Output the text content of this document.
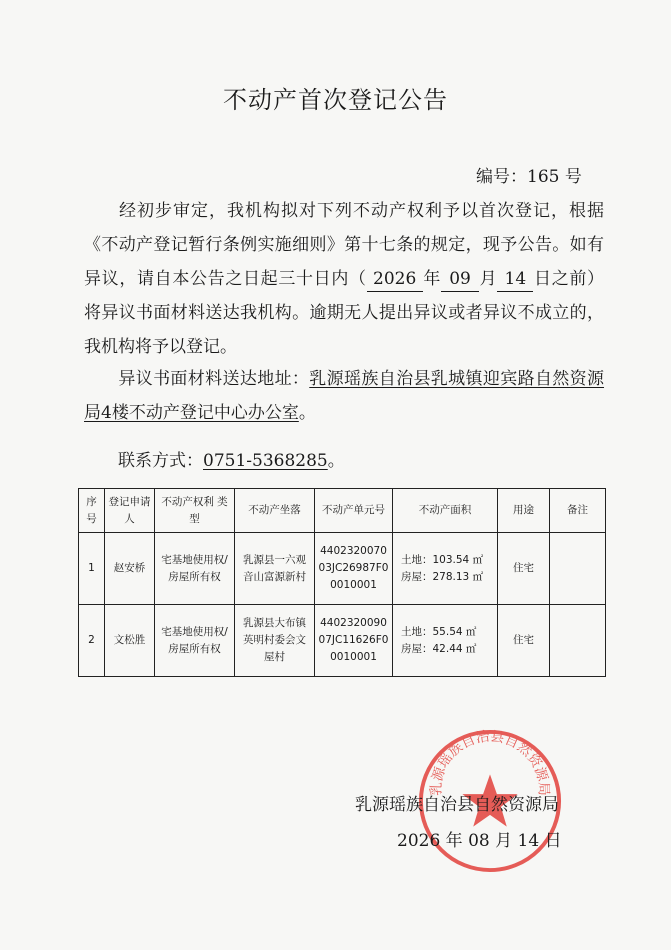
不动产首次登记公告
编号：165 号
经初步审定，我机构拟对下列不动产权利予以首次登记，根据《不动产登记暂行条例实施细则》第十七条的规定，现予公告。如有异议，请自本公告之日起三十日内（ 2026 年 09 月 14 日之前）将异议书面材料送达我机构。逾期无人提出异议或者异议不成立的，我机构将予以登记。
异议书面材料送达地址：乳源瑶族自治县乳城镇迎宾路自然资源局4楼不动产登记中心办公室。
联系方式：0751-5368285。
序号	登记申请人	不动产权利 类型	不动产坐落	不动产单元号	不动产面积	用途	备注
1	赵安桥	宅基地使用权/房屋所有权	乳源县一六观音山富源新村	440232007003JC26987F00010001	土地：103.54 ㎡
房屋：278.13 ㎡	住宅	
2	文松胜	宅基地使用权/房屋所有权	乳源县大布镇英明村委会文屋村	440232009007JC11626F00010001	土地：55.54 ㎡
房屋：42.44 ㎡	住宅	
乳源瑶族自治县自然资源局
乳源瑶族自治县自然资源局
2026 年 08 月 14 日
